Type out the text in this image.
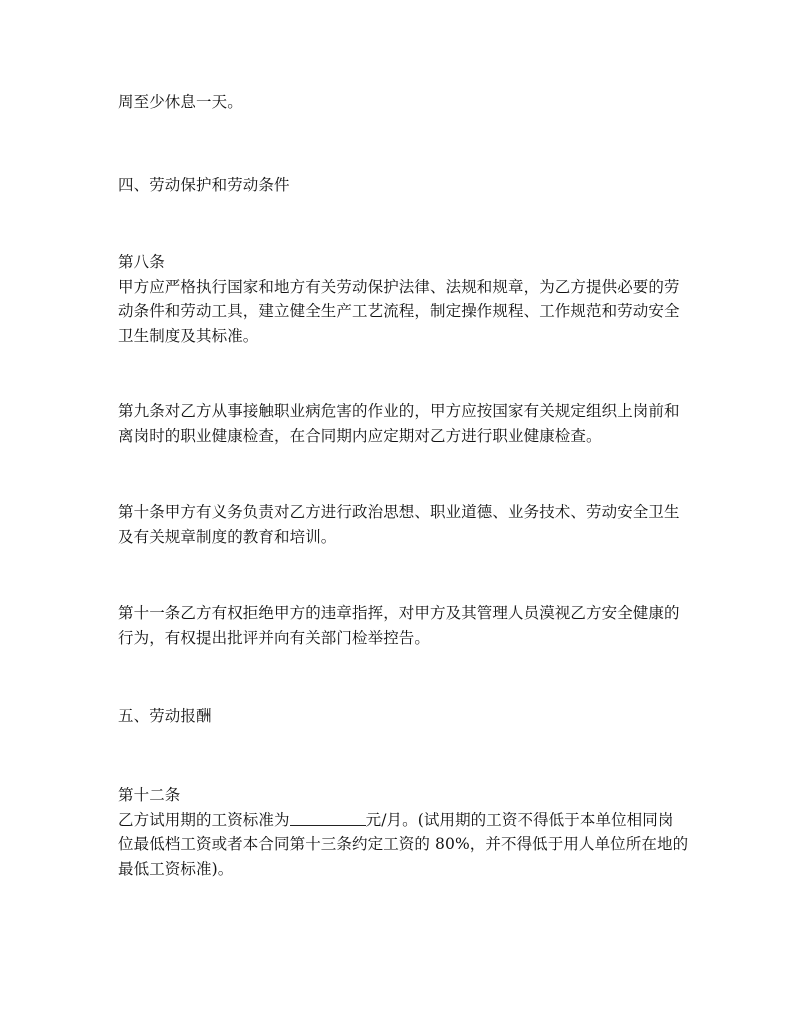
周至少休息一天。
四、劳动保护和劳动条件
第八条
甲方应严格执行国家和地方有关劳动保护法律、法规和规章，为乙方提供必要的劳
动条件和劳动工具，建立健全生产工艺流程，制定操作规程、工作规范和劳动安全
卫生制度及其标准。
第九条对乙方从事接触职业病危害的作业的，甲方应按国家有关规定组织上岗前和
离岗时的职业健康检查，在合同期内应定期对乙方进行职业健康检查。
第十条甲方有义务负责对乙方进行政治思想、职业道德、业务技术、劳动安全卫生
及有关规章制度的教育和培训。
第十一条乙方有权拒绝甲方的违章指挥，对甲方及其管理人员漠视乙方安全健康的
行为，有权提出批评并向有关部门检举控告。
五、劳动报酬
第十二条
乙方试用期的工资标准为	元/月。(试用期的工资不得低于本单位相同岗
位最低档工资或者本合同第十三条约定工资的 80%，并不得低于用人单位所在地的
最低工资标准)。
